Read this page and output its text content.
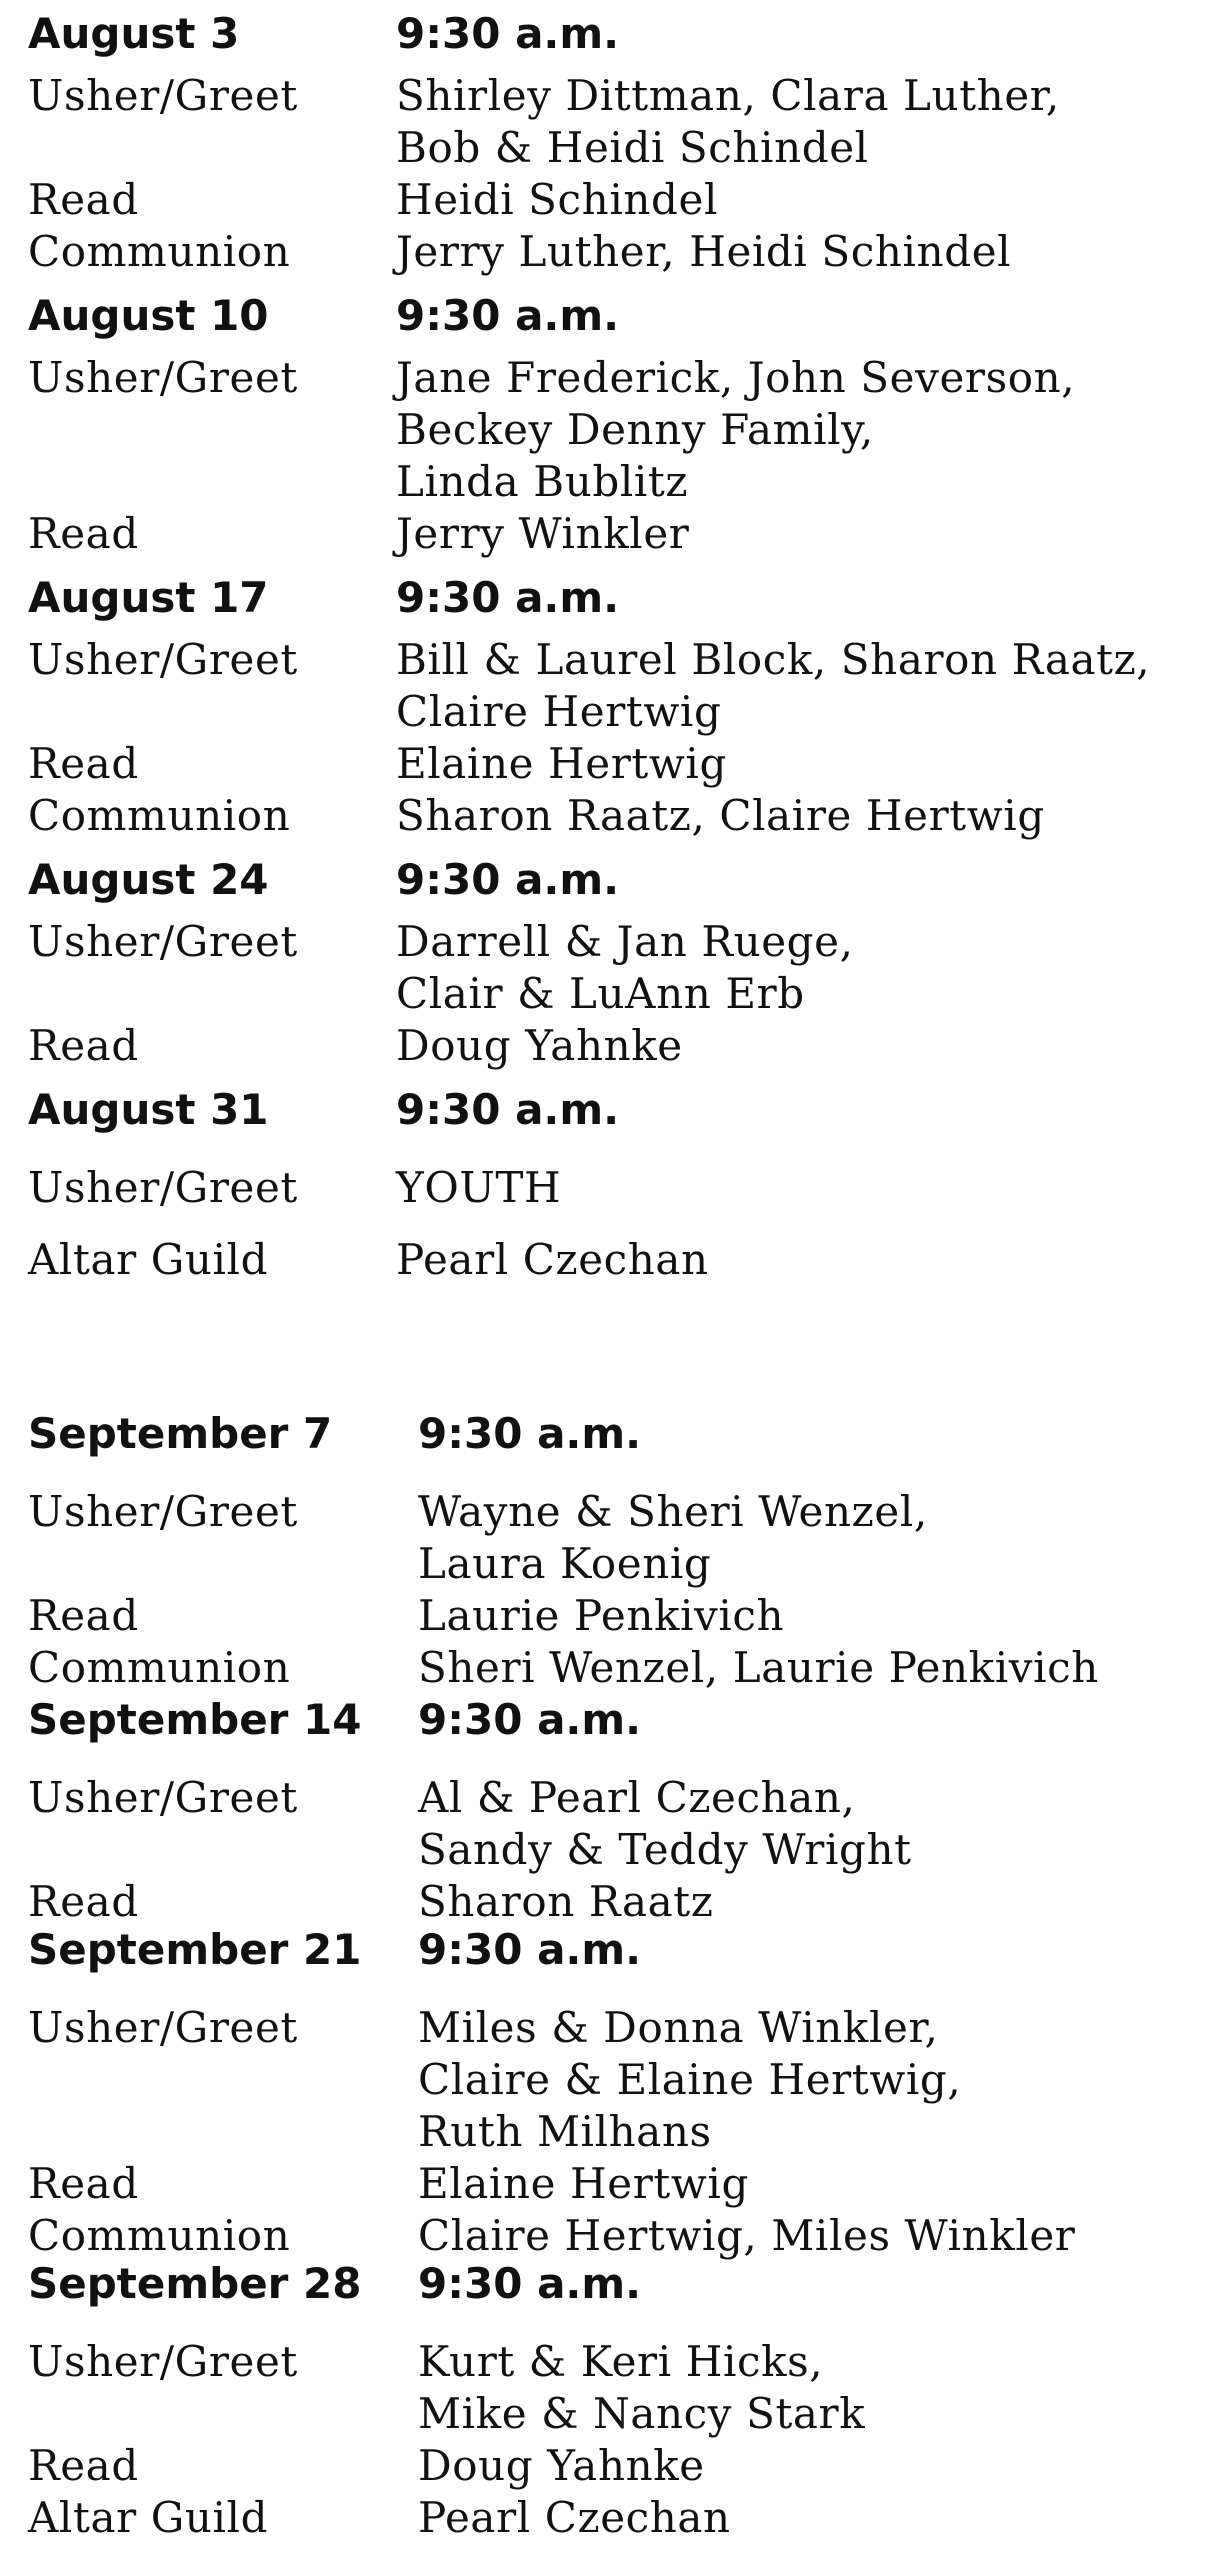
August 3	9:30 a.m.
Usher/Greet Shirley Dittman, Clara Luther,
Bob & Heidi Schindel
Read	Heidi Schindel
Communion	Jerry Luther, Heidi Schindel
August 10	9:30 a.m.
Usher/Greet Jane Frederick, John Severson,
Beckey Denny Family,
Linda Bublitz
Read	Jerry Winkler
August 17	9:30 a.m.
Usher/Greet Bill & Laurel Block, Sharon Raatz,
Claire Hertwig
Read	Elaine Hertwig
Communion	Sharon Raatz, Claire Hertwig
August 24	9:30 a.m.
Usher/Greet Darrell & Jan Ruege,
Clair & LuAnn Erb
Read	Doug Yahnke
August 31	9:30 a.m.
Usher/Greet YOUTH
Altar Guild	Pearl Czechan
September 7 9:30 a.m.
Usher/Greet	Wayne & Sheri Wenzel,
Laura Koenig
Read	Laurie Penkivich
Communion	Sheri Wenzel, Laurie Penkivich
September 14 9:30 a.m.
Usher/Greet	Al & Pearl Czechan,
Sandy & Teddy Wright
Read	Sharon Raatz
September 21 9:30 a.m.
Usher/Greet	Miles & Donna Winkler,
Claire & Elaine Hertwig,
Ruth Milhans
Read	Elaine Hertwig
Communion	Claire Hertwig, Miles Winkler
September 28 9:30 a.m.
Usher/Greet	Kurt & Keri Hicks,
Mike & Nancy Stark
Read	Doug Yahnke
Altar Guild	Pearl Czechan
